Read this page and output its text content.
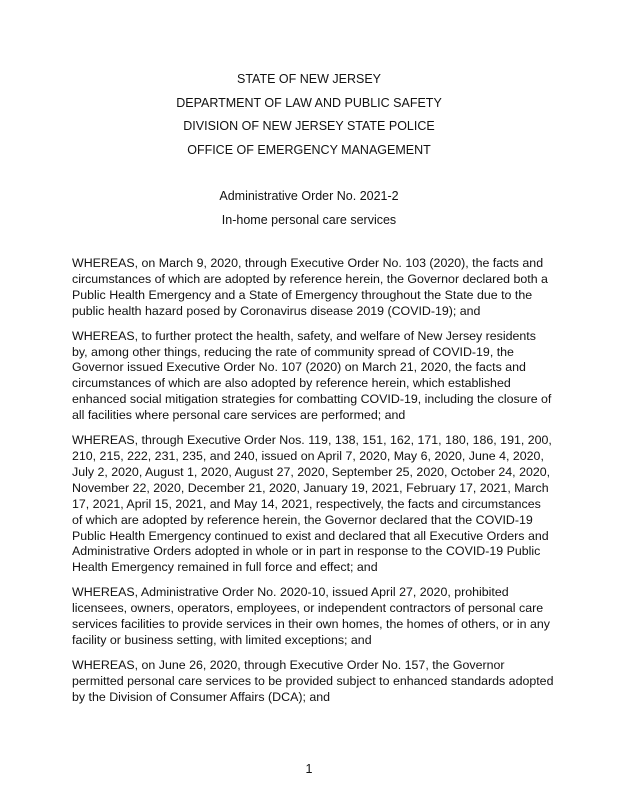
STATE OF NEW JERSEY

DEPARTMENT OF LAW AND PUBLIC SAFETY

DIVISION OF NEW JERSEY STATE POLICE

OFFICE OF EMERGENCY MANAGEMENT

Administrative Order No. 2021-2

In-home personal care services

WHEREAS, on March 9, 2020, through Executive Order No. 103 (2020), the facts and
circumstances of which are adopted by reference herein, the Governor declared both a
Public Health Emergency and a State of Emergency throughout the State due to the
public health hazard posed by Coronavirus disease 2019 (COVID-19); and

WHEREAS, to further protect the health, safety, and welfare of New Jersey residents
by, among other things, reducing the rate of community spread of COVID-19, the
Governor issued Executive Order No. 107 (2020) on March 21, 2020, the facts and
circumstances of which are also adopted by reference herein, which established
enhanced social mitigation strategies for combatting COVID-19, including the closure of
all facilities where personal care services are performed; and

WHEREAS, through Executive Order Nos. 119, 138, 151, 162, 171, 180, 186, 191, 200,
210, 215, 222, 231, 235, and 240, issued on April 7, 2020, May 6, 2020, June 4, 2020,
July 2, 2020, August 1, 2020, August 27, 2020, September 25, 2020, October 24, 2020,
November 22, 2020, December 21, 2020, January 19, 2021, February 17, 2021, March
17, 2021, April 15, 2021, and May 14, 2021, respectively, the facts and circumstances
of which are adopted by reference herein, the Governor declared that the COVID-19
Public Health Emergency continued to exist and declared that all Executive Orders and
Administrative Orders adopted in whole or in part in response to the COVID-19 Public
Health Emergency remained in full force and effect; and

WHEREAS, Administrative Order No. 2020-10, issued April 27, 2020, prohibited
licensees, owners, operators, employees, or independent contractors of personal care
services facilities to provide services in their own homes, the homes of others, or in any
facility or business setting, with limited exceptions; and

WHEREAS, on June 26, 2020, through Executive Order No. 157, the Governor
permitted personal care services to be provided subject to enhanced standards adopted
by the Division of Consumer Affairs (DCA); and

1
